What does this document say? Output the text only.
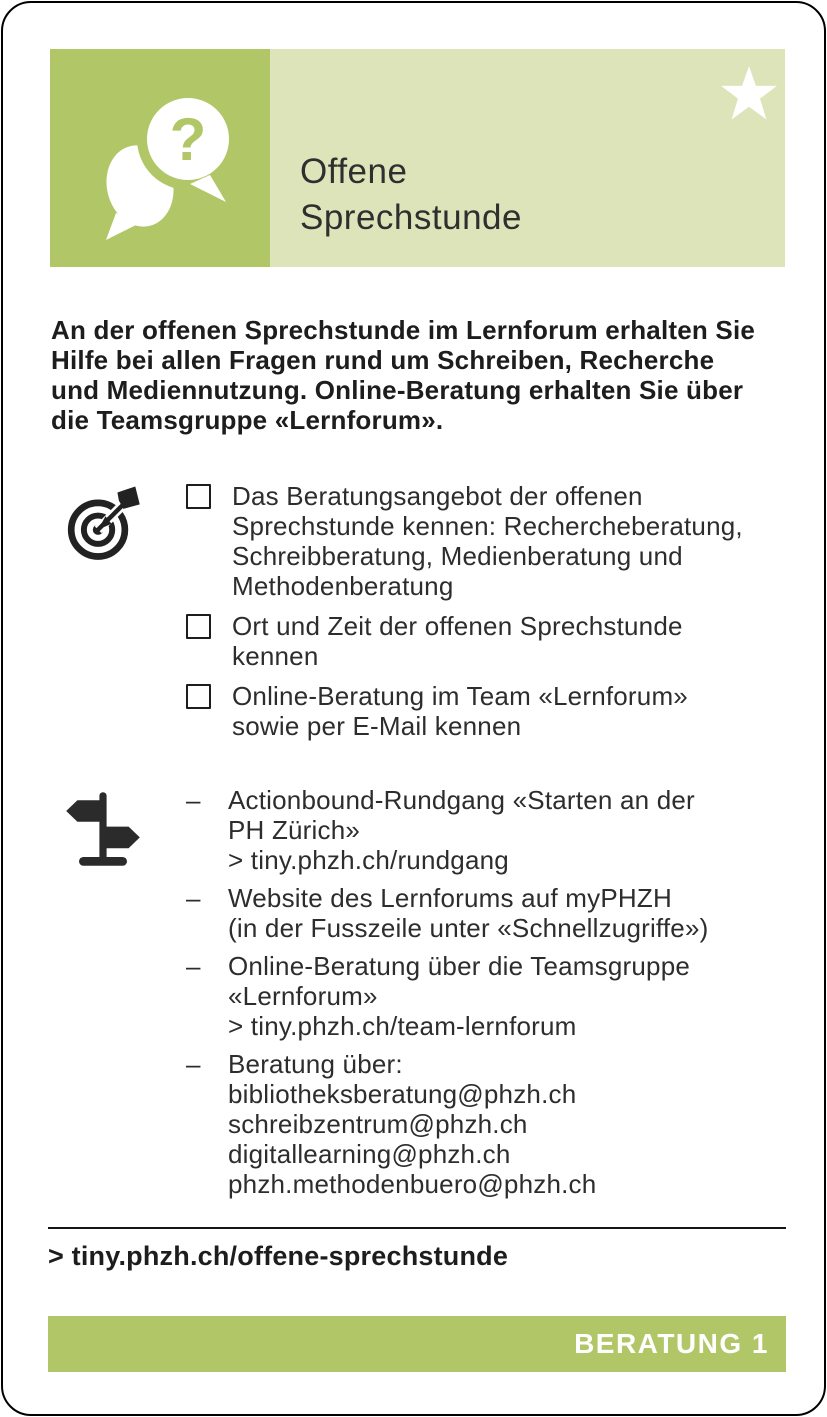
?	Offene Sprechstunde
An der offenen Sprechstunde im Lernforum erhalten Sie Hilfe bei allen Fragen rund um Schreiben, Recherche und Mediennutzung. Online-Beratung erhalten Sie über die Teamsgruppe «Lernforum».
Das Beratungsangebot der offenen
Sprechstunde kennen: Rechercheberatung,
Schreibberatung, Medienberatung und
Methodenberatung
Ort und Zeit der offenen Sprechstunde
kennen
Online-Beratung im Team «Lernforum»
sowie per E-Mail kennen
–	Actionbound-Rundgang «Starten an der
PH Zürich»
> tiny.phzh.ch/rundgang
–	Website des Lernforums auf myPHZH
(in der Fusszeile unter «Schnellzugriffe»)
–	Online-Beratung über die Teamsgruppe
«Lernforum»
> tiny.phzh.ch/team-lernforum
–	Beratung über:
bibliotheksberatung@phzh.ch
schreibzentrum@phzh.ch
digitallearning@phzh.ch
phzh.methodenbuero@phzh.ch
> tiny.phzh.ch/offene-sprechstunde
BERATUNG 1
